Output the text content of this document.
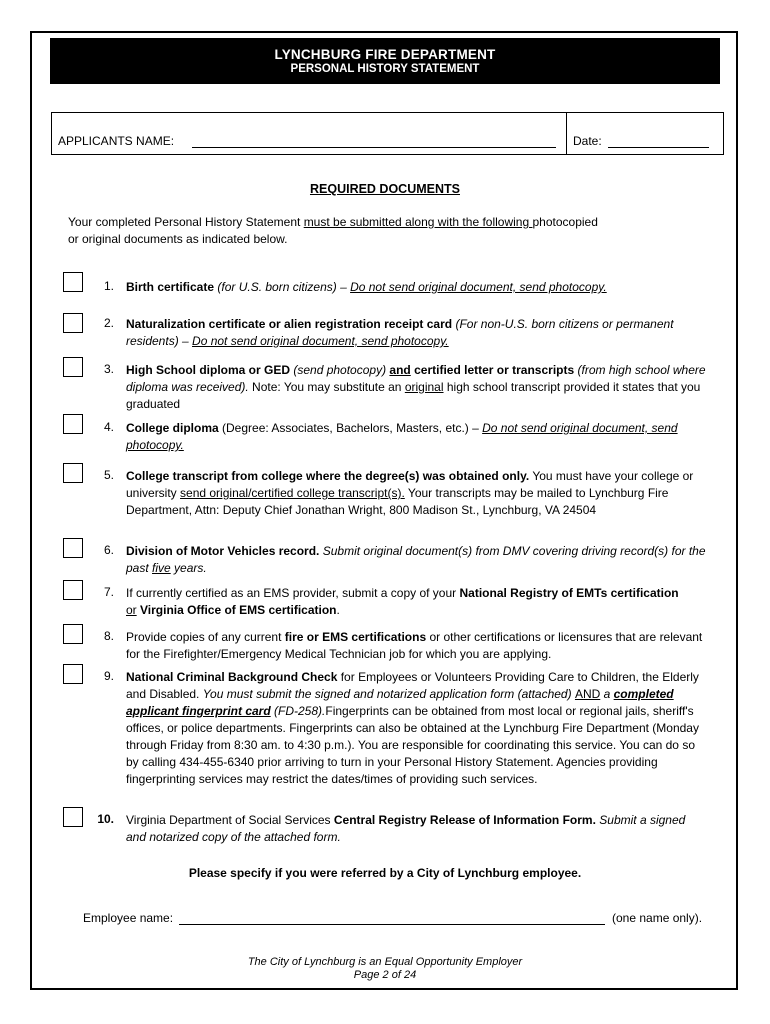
LYNCHBURG FIRE DEPARTMENT
PERSONAL HISTORY STATEMENT
APPLICANTS NAME:	Date:
REQUIRED DOCUMENTS
Your completed Personal History Statement must be submitted along with the following photocopied
or original documents as indicated below.
1. Birth certificate (for U.S. born citizens) – Do not send original document, send photocopy.
2. Naturalization certificate or alien registration receipt card (For non-U.S. born citizens or permanent residents) – Do not send original document, send photocopy.
3. High School diploma or GED (send photocopy) and certified letter or transcripts (from high school where diploma was received). Note: You may substitute an original high school transcript provided it states that you graduated
4. College diploma (Degree: Associates, Bachelors, Masters, etc.) – Do not send original document, send photocopy.
5. College transcript from college where the degree(s) was obtained only. You must have your college or university send original/certified college transcript(s). Your transcripts may be mailed to Lynchburg Fire Department, Attn: Deputy Chief Jonathan Wright, 800 Madison St., Lynchburg, VA 24504
6. Division of Motor Vehicles record. Submit original document(s) from DMV covering driving record(s) for the past five years.
7. If currently certified as an EMS provider, submit a copy of your National Registry of EMTs certification
or Virginia Office of EMS certification.
8. Provide copies of any current fire or EMS certifications or other certifications or licensures that are relevant for the Firefighter/Emergency Medical Technician job for which you are applying.
9. National Criminal Background Check for Employees or Volunteers Providing Care to Children, the Elderly and Disabled. You must submit the signed and notarized application form (attached) AND a completed applicant fingerprint card (FD-258).Fingerprints can be obtained from most local or regional jails, sheriff's offices, or police departments. Fingerprints can also be obtained at the Lynchburg Fire Department (Monday through Friday from 8:30 am. to 4:30 p.m.). You are responsible for coordinating this service. You can do so by calling 434-455-6340 prior arriving to turn in your Personal History Statement. Agencies providing fingerprinting services may restrict the dates/times of providing such services.
10. Virginia Department of Social Services Central Registry Release of Information Form. Submit a signed and notarized copy of the attached form.
Please specify if you were referred by a City of Lynchburg employee.
Employee name:	(one name only).
The City of Lynchburg is an Equal Opportunity Employer
Page 2 of 24
